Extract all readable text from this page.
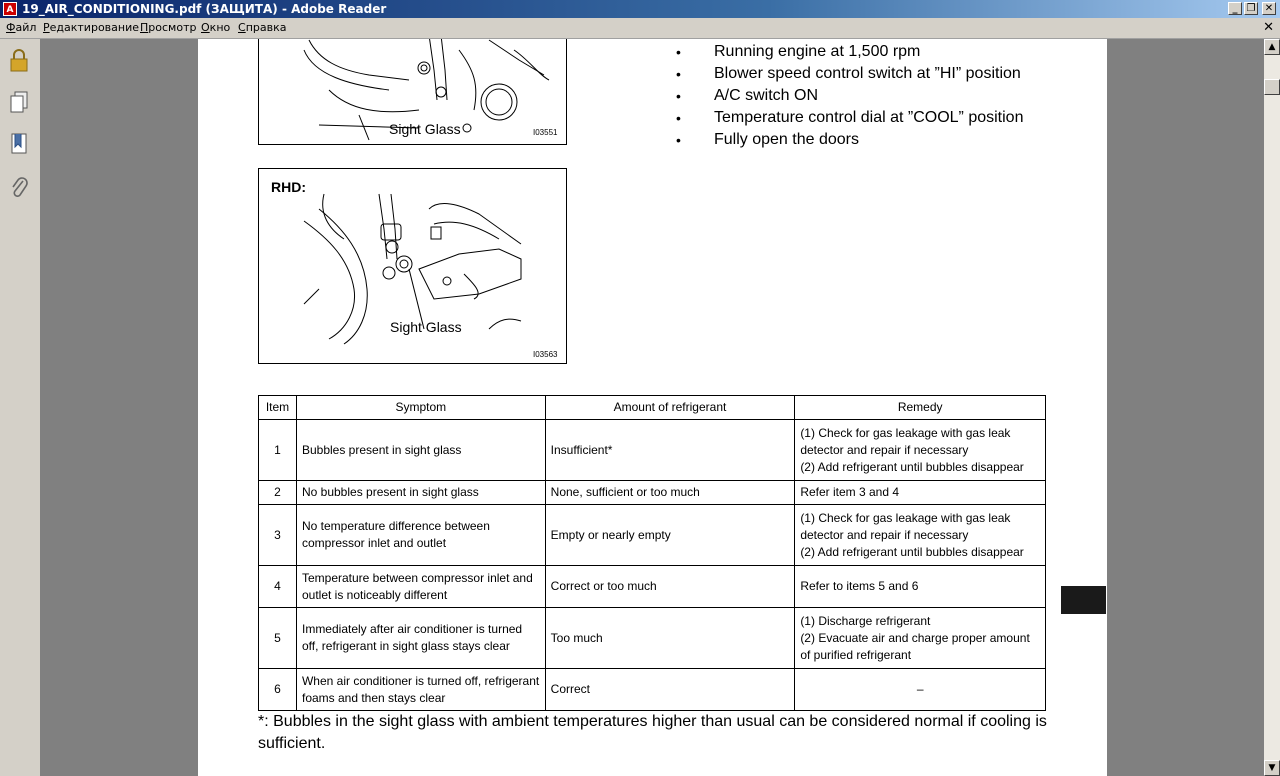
A 19_AIR_CONDITIONING.pdf (ЗАЩИТА) - Adobe Reader	_ ❐ ✕
Файл Редактирование Просмотр Окно Справка	✕
Sight Glass	I03551
RHD:
Sight Glass
I03563
• Running engine at 1,500 rpm
• Blower speed control switch at ”HI” position
• A/C switch ON
• Temperature control dial at ”COOL” position
• Fully open the doors
Item	Symptom	Amount of refrigerant	Remedy
1	Bubbles present in sight glass	Insufficient*	(1) Check for gas leakage with gas leak detector and repair if necessary
(2) Add refrigerant until bubbles disappear

2	No bubbles present in sight glass	None, sufficient or too much	Refer item 3 and 4

3	No temperature difference between compressor inlet and outlet	Empty or nearly empty	(1) Check for gas leakage with gas leak detector and repair if necessary
(2) Add refrigerant until bubbles disappear

4	Temperature between compressor inlet and outlet is noticeably different	Correct or too much	Refer to items 5 and 6

5	Immediately after air conditioner is turned off, refrigerant in sight glass stays clear	Too much	(1) Discharge refrigerant
(2) Evacuate air and charge proper amount of purified refrigerant

6	When air conditioner is turned off, refrigerant foams and then stays clear	Correct	–
*: Bubbles in the sight glass with ambient temperatures higher than usual can be considered normal if cooling is sufficient.
▲
▼
